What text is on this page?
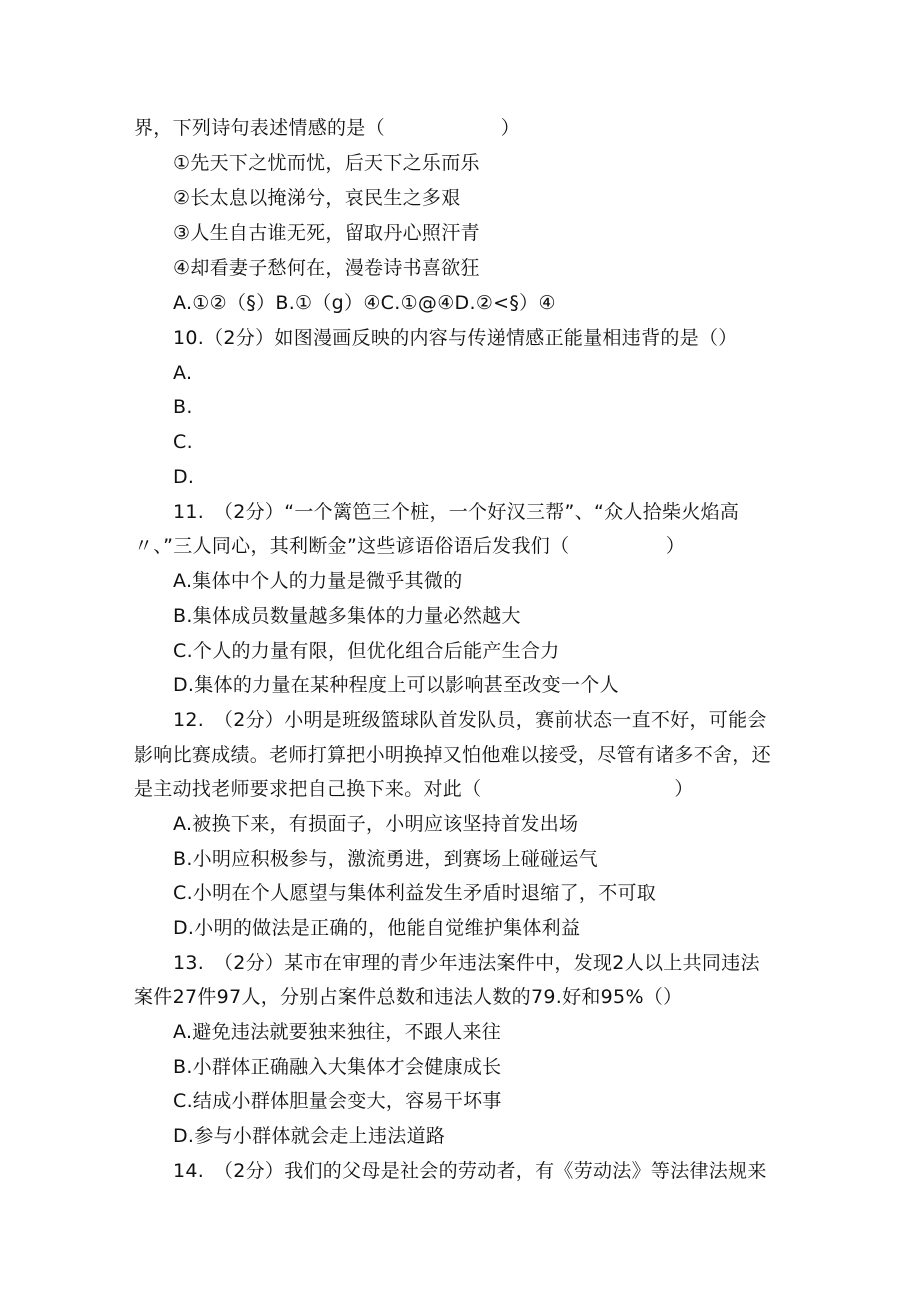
界，下列诗句表述情感的是（　　　　　　）
①先天下之忧而忧，后天下之乐而乐
②长太息以掩涕兮，哀民生之多艰
③人生自古谁无死，留取丹心照汗青
④却看妻子愁何在，漫卷诗书喜欲狂
A.①②（§）B.①（g）④C.①@④D.②<§）④
10.（2分）如图漫画反映的内容与传递情感正能量相违背的是（）
A.
B.
C.
D.
11.　（2分）“一个篱笆三个桩，一个好汉三帮”、“众人拾柴火焰高
〃、”三人同心，其利断金”这些谚语俗语后发我们（　　　　　）
A.集体中个人的力量是微乎其微的
B.集体成员数量越多集体的力量必然越大
C.个人的力量有限，但优化组合后能产生合力
D.集体的力量在某种程度上可以影响甚至改变一个人
12.　（2分）小明是班级篮球队首发队员，赛前状态一直不好，可能会
影响比赛成绩。老师打算把小明换掉又怕他难以接受，尽管有诸多不舍，还
是主动找老师要求把自己换下来。对此（　　　　　　　　　　）
A.被换下来，有损面子，小明应该坚持首发出场
B.小明应积极参与，激流勇进，到赛场上碰碰运气
C.小明在个人愿望与集体利益发生矛盾时退缩了，不可取
D.小明的做法是正确的，他能自觉维护集体利益
13.　（2分）某市在审理的青少年违法案件中，发现2人以上共同违法
案件27件97人，分别占案件总数和违法人数的79.好和95%（）
A.避免违法就要独来独往，不跟人来往
B.小群体正确融入大集体才会健康成长
C.结成小群体胆量会变大，容易干坏事
D.参与小群体就会走上违法道路
14.　（2分）我们的父母是社会的劳动者，有《劳动法》等法律法规来
